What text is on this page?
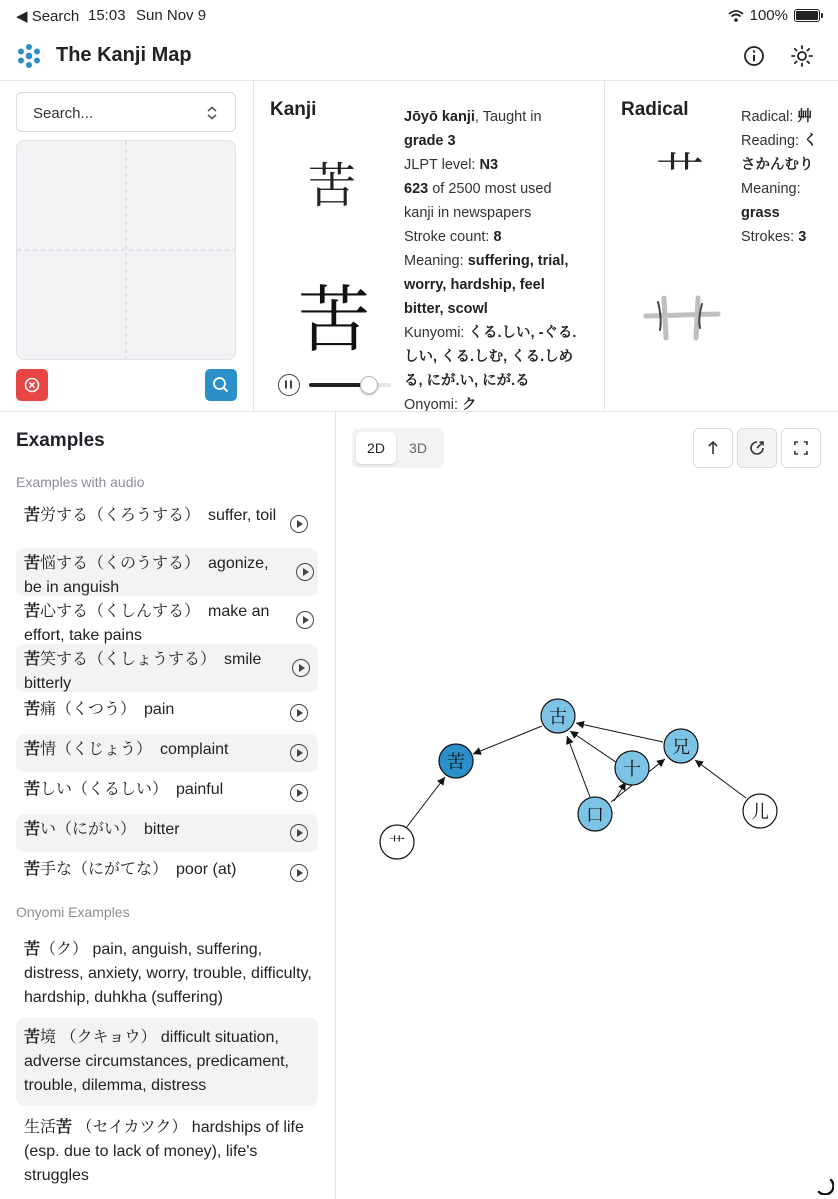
◀ Search 15:03 Sun Nov 9	100%
The Kanji Map
Search...	Kanji
苦
苦
Jōyō kanji, Taught in
grade 3
JLPT level: N3
623 of 2500 most used
kanji in newspapers
Stroke count: 8
Meaning: suffering, trial, worry, hardship, feel bitter, scowl
Kunyomi: くる.しい, -ぐる.しい, くる.しむ, くる.しめる, にが.い, にが.る
Onyomi: ク
Radical
艹
Radical: 艸
Reading: くさかんむり
Meaning: grass
Strokes: 3
Examples
Examples with audio
苦労する（くろうする）　suffer, toil
苦悩する（くのうする）　agonize, be in anguish
苦心する（くしんする）　make an effort, take pains
苦笑する（くしょうする）　smile bitterly
苦痛（くつう）　pain
苦情（くじょう）　complaint
苦しい（くるしい）　painful
苦い（にがい）　bitter
苦手な（にがてな）　poor (at)
Onyomi Examples
苦（ク） pain, anguish, suffering, distress, anxiety, worry, trouble, difficulty, hardship, duhkha (suffering)
苦境 （クキョウ） difficult situation, adverse circumstances, predicament, trouble, dilemma, distress
生活苦 （セイカツク） hardships of life (esp. due to lack of money), life's struggles
2D	3D
苦
古
十
口
兄
儿
艹
